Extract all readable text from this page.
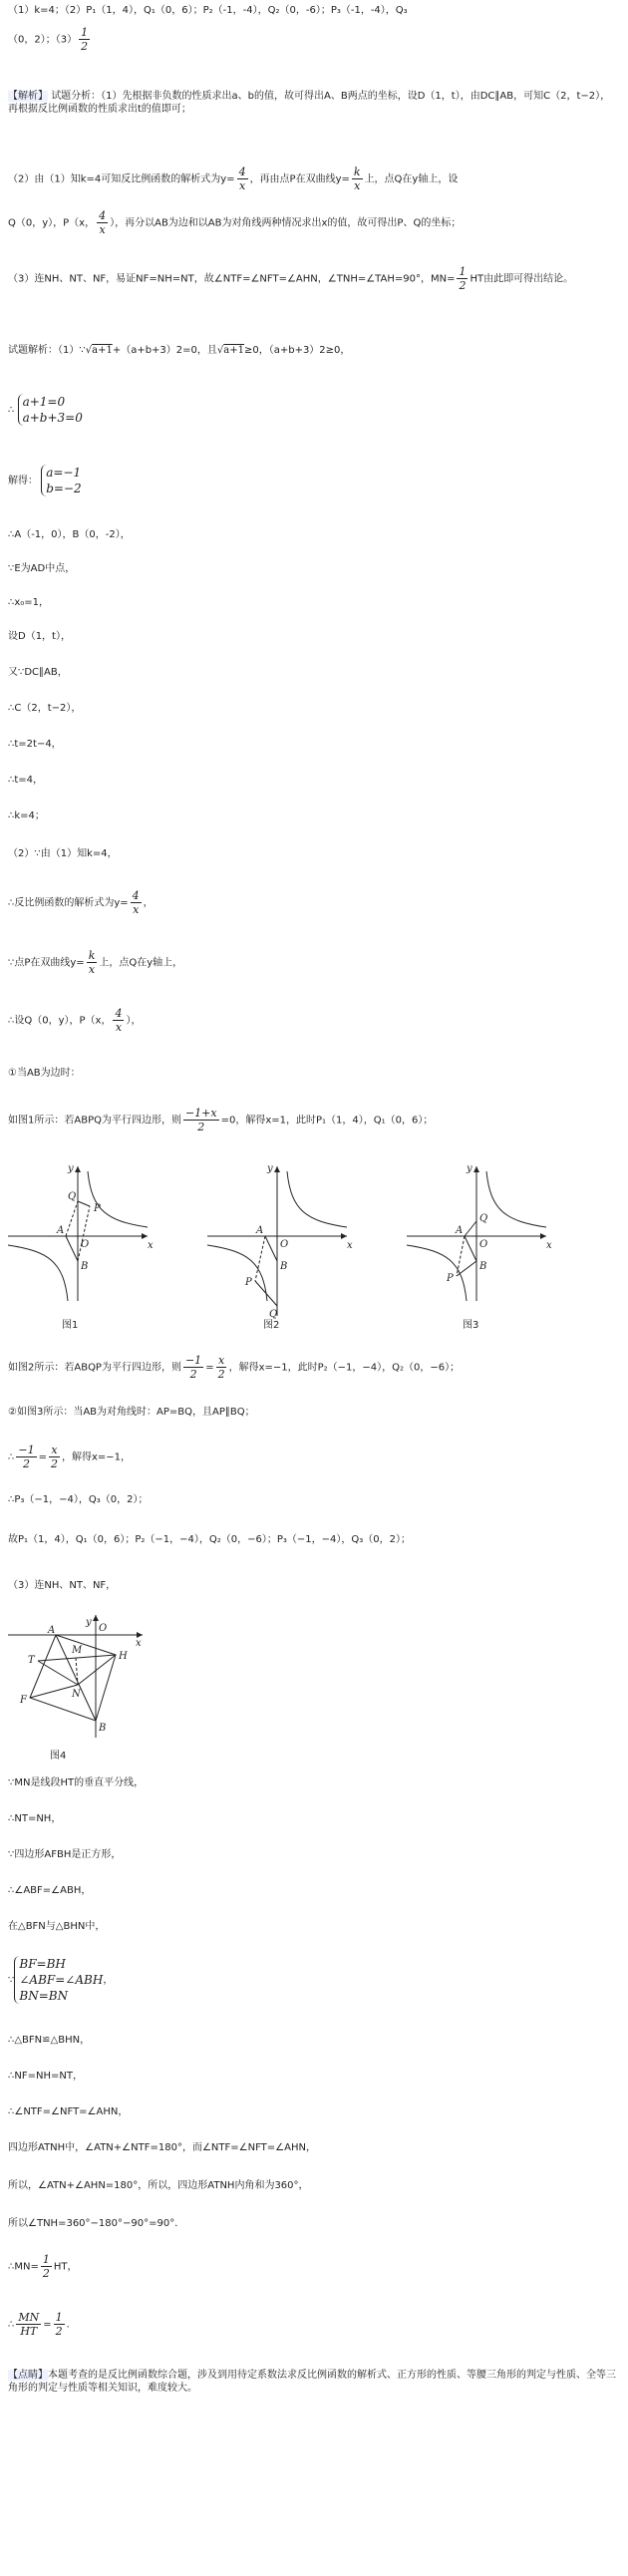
（1）k=4；（2）P₁（1，4），Q₁（0，6）；P₂（-1，-4），Q₂（0，-6）；P₃（-1，-4），Q₃
（0，2）；$(3) \frac{1}{2}$
【解析】 试题分析：（1）先根据非负数的性质求出a、b的值，故可得出A、B两点的坐标，设D（1，t），由DC∥AB，可知C（2，t−2），再根据反比例函数的性质求出t的值即可；
（2）由（1）知k=4可知反比例函数的解析式为$y= \frac{4}{x}$ ，再由点P在双曲线$y= \frac{k}{x}$ 上，点Q在y轴上，设
Q（0，y），P（x， $\frac{4}{x}$ ），再分以AB为边和以AB为对角线两种情况求出x的值，故可得出P、Q的坐标；
（3）连NH、NT、NF，易证NF=NH=NT，故∠NTF=∠NFT=∠AHN，∠TNH=∠TAH=90°，$MN= \frac{1}{2}$ HT由此即可得出结论。
试题解析：（1）∵√a+1+（a+b+3）2=0，且√a+1≥0，（a+b+3）2≥0，
∴
a+1=0
a+b+3=0
解得：
a=−1
b=−2
∴A（-1，0），B（0，-2），
∵E为AD中点，
∴x₀=1，
设D（1，t），
又∵DC∥AB，
∴C（2，t−2），
∴t=2t−4，
∴t=4，
∴k=4；
（2）∵由（1）知k=4，
∴反比例函数的解析式为$y= \frac{4}{x}$ ，
∵点P在双曲线$y= \frac{k}{x}$ 上，点Q在y轴上，
∴设Q（0，y），P（x， $\frac{4}{x}$ ），
①当AB为边时：
如图1所示：若ABPQ为平行四边形，则 $\frac{-1+x}{2} =0$，解得x=1，此时P₁（1，4），Q₁（0，6）；
y
x
O
A
B
Q
P
图1
y
x
O
A
B
P
Q
图2
y
x
O
A
B
Q
P
图3
如图2所示：若ABQP为平行四边形，则 $\frac{-1}{2} = \frac{x}{2}$ ，解得x=−1，此时P₂（−1，−4），Q₂（0，−6）；
②如图3所示：当AB为对角线时：AP=BQ，且AP∥BQ；
∴ $\frac{-1}{2} = \frac{x}{2}$ ，解得x=−1，
∴P₃（−1，−4），Q₃（0，2）；
故P₁（1，4），Q₁（0，6）；P₂（−1，−4），Q₂（0，−6）；P₃（−1，−4），Q₃（0，2）；
（3）连NH、NT、NF，
y
x
O
A
T
M
H
N
F
B
图4
∵MN是线段HT的垂直平分线，
∴NT=NH，
∵四边形AFBH是正方形，
∴∠ABF=∠ABH，
在△BFN与△BHN中，
∵
BF=BH
∠ABF=∠ABH
BN=BN
，
∴△BFN≌△BHN，
∴NF=NH=NT，
∴∠NTF=∠NFT=∠AHN，
四边形ATNH中，∠ATN+∠NTF=180°，而∠NTF=∠NFT=∠AHN，
所以，∠ATN+∠AHN=180°，所以，四边形ATNH内角和为360°，
所以∠TNH=360°−180°−90°=90°．
∴MN= $\frac{1}{2}$ HT，
∴ $\frac{MN}{HT} = \frac{1}{2}$ ．
【点睛】本题考查的是反比例函数综合题，涉及到用待定系数法求反比例函数的解析式、正方形的性质、等腰三角形的判定与性质、全等三角形的判定与性质等相关知识，难度较大。
